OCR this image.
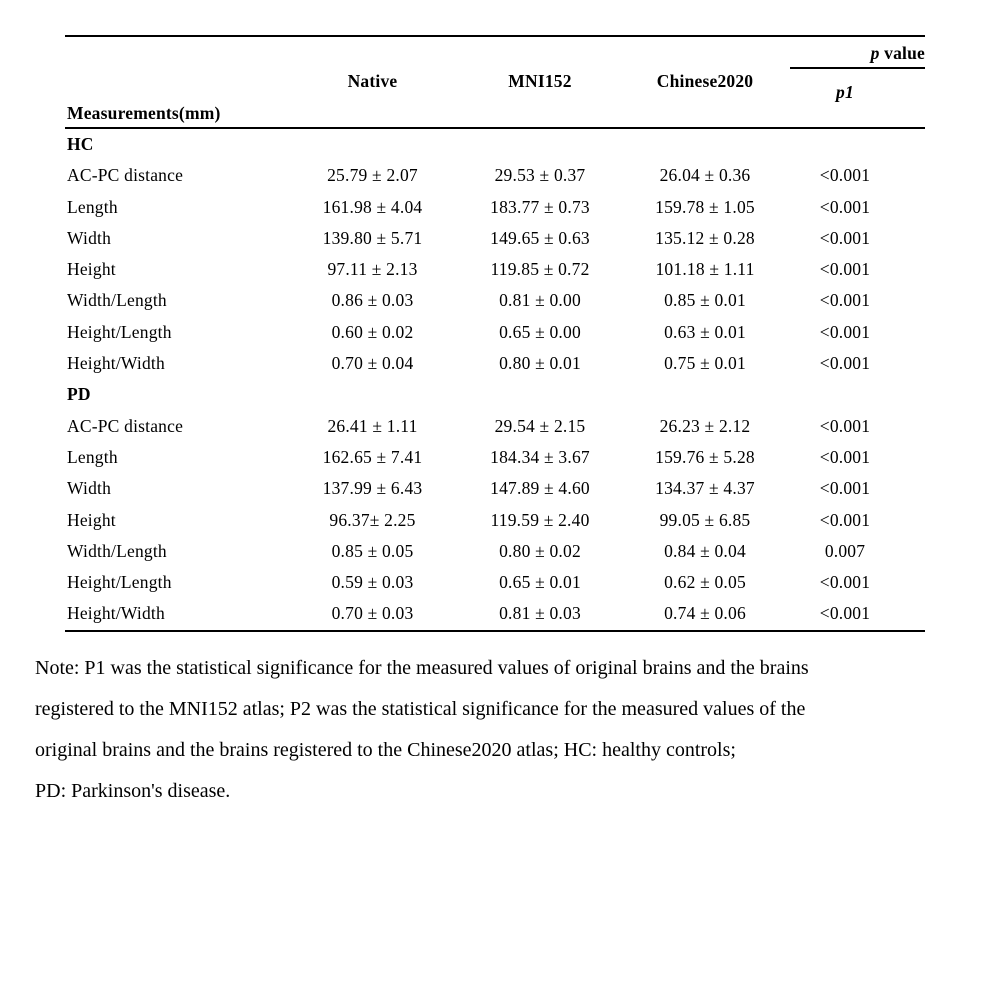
Measurements(mm)
Native	MNI152	Chinese2020
p value
p1
HC
AC-PC distance	25.79 ± 2.07	29.53 ± 0.37	26.04 ± 0.36	<0.001
Length	161.98 ± 4.04	183.77 ± 0.73	159.78 ± 1.05	<0.001
Width	139.80 ± 5.71	149.65 ± 0.63	135.12 ± 0.28	<0.001
Height	97.11 ± 2.13	119.85 ± 0.72	101.18 ± 1.11	<0.001
Width/Length	0.86 ± 0.03	0.81 ± 0.00	0.85 ± 0.01	<0.001
Height/Length	0.60 ± 0.02	0.65 ± 0.00	0.63 ± 0.01	<0.001
Height/Width	0.70 ± 0.04	0.80 ± 0.01	0.75 ± 0.01	<0.001
PD
AC-PC distance	26.41 ± 1.11	29.54 ± 2.15	26.23 ± 2.12	<0.001
Length	162.65 ± 7.41	184.34 ± 3.67	159.76 ± 5.28	<0.001
Width	137.99 ± 6.43	147.89 ± 4.60	134.37 ± 4.37	<0.001
Height	96.37± 2.25	119.59 ± 2.40	99.05 ± 6.85	<0.001
Width/Length	0.85 ± 0.05	0.80 ± 0.02	0.84 ± 0.04	0.007
Height/Length	0.59 ± 0.03	0.65 ± 0.01	0.62 ± 0.05	<0.001
Height/Width	0.70 ± 0.03	0.81 ± 0.03	0.74 ± 0.06	<0.001
Note: P1 was the statistical significance for the measured values of original brains and the brains
registered to the MNI152 atlas; P2 was the statistical significance for the measured values of the
original brains and the brains registered to the Chinese2020 atlas; HC: healthy controls;
PD: Parkinson's disease.
